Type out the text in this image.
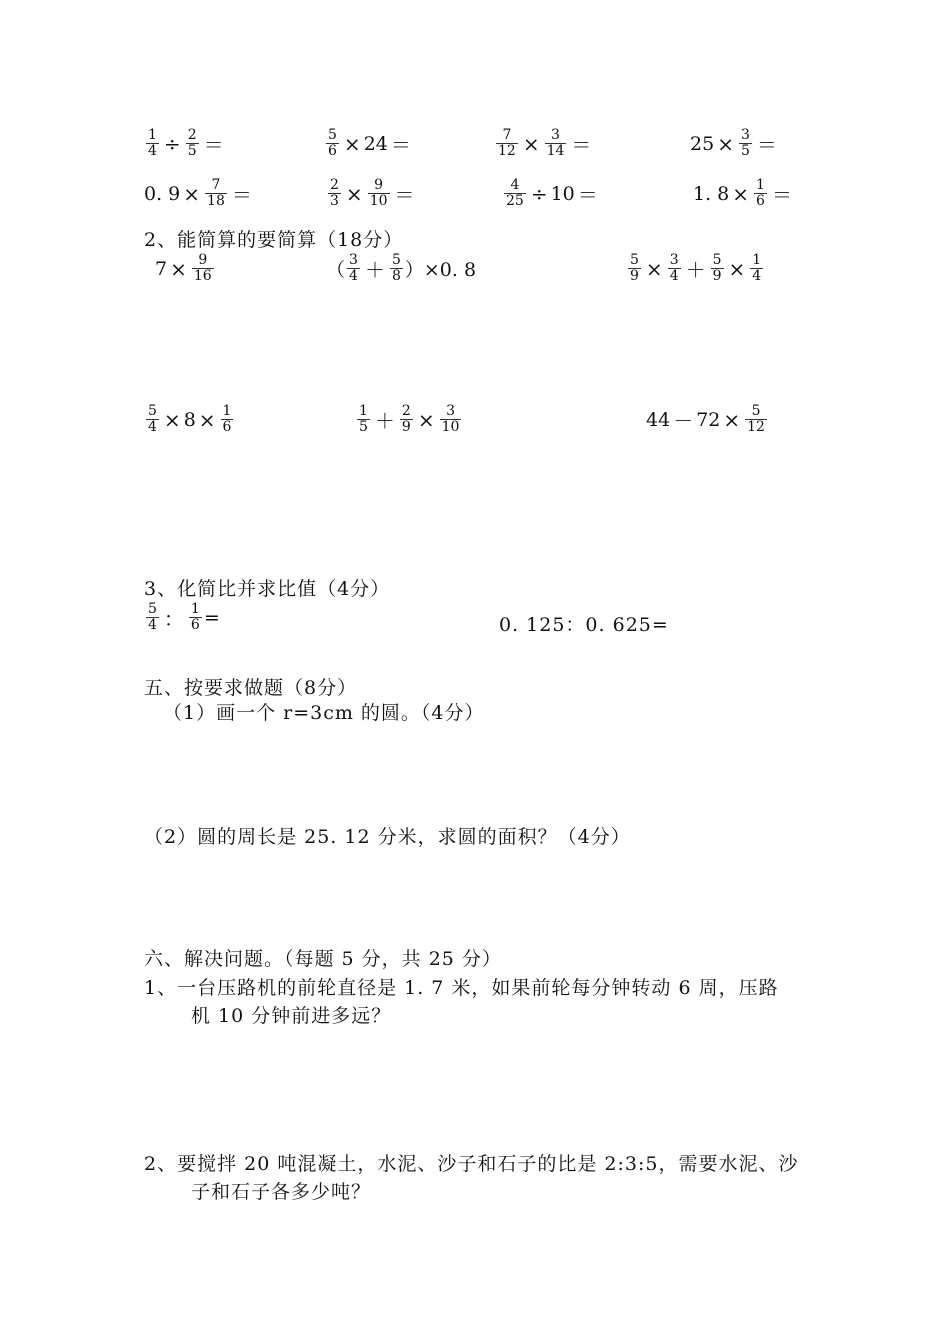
$\frac{1}{4} \div \frac{2}{5}$ ＝	$\frac{5}{6} \times 24$ ＝	$\frac{7}{12} \times \frac{3}{14}$ ＝	$25 \times \frac{3}{5}$ ＝
0. $9 \times \frac{7}{18}$ ＝	$\frac{2}{3} \times \frac{9}{10}$ ＝	$\frac{4}{25} \div 10$ ＝	1. $8 \times \frac{1}{6}$ ＝
2、能简算的要简算（18分）
$7 \times \frac{9}{16}$	（ $\frac{3}{4} + \frac{5}{8} )\times 0$. 8	$\frac{5}{9} \times \frac{3}{4} + \frac{5}{9} \times \frac{1}{4}$
$\frac{5}{4} \times 8 \times \frac{1}{6}$	$\frac{1}{5} + \frac{2}{9} \times \frac{3}{10}$	$44 - 72 \times \frac{5}{12}$
3、化简比并求比值（4分）
$\frac{5}{4}$ ： $\frac{1}{6}$ =	0. 125：0. 625=
五、按要求做题（8分）
（1）画一个 r=3cm 的圆。（4分）
（2）圆的周长是 25. 12 分米，求圆的面积？（4分）
六、解决问题。（每题 5 分，共 25 分）
1、一台压路机的前轮直径是 1. 7 米，如果前轮每分钟转动 6 周，压路
机 10 分钟前进多远？
2、要搅拌 20 吨混凝土，水泥、沙子和石子的比是 2:3:5，需要水泥、沙
子和石子各多少吨？
